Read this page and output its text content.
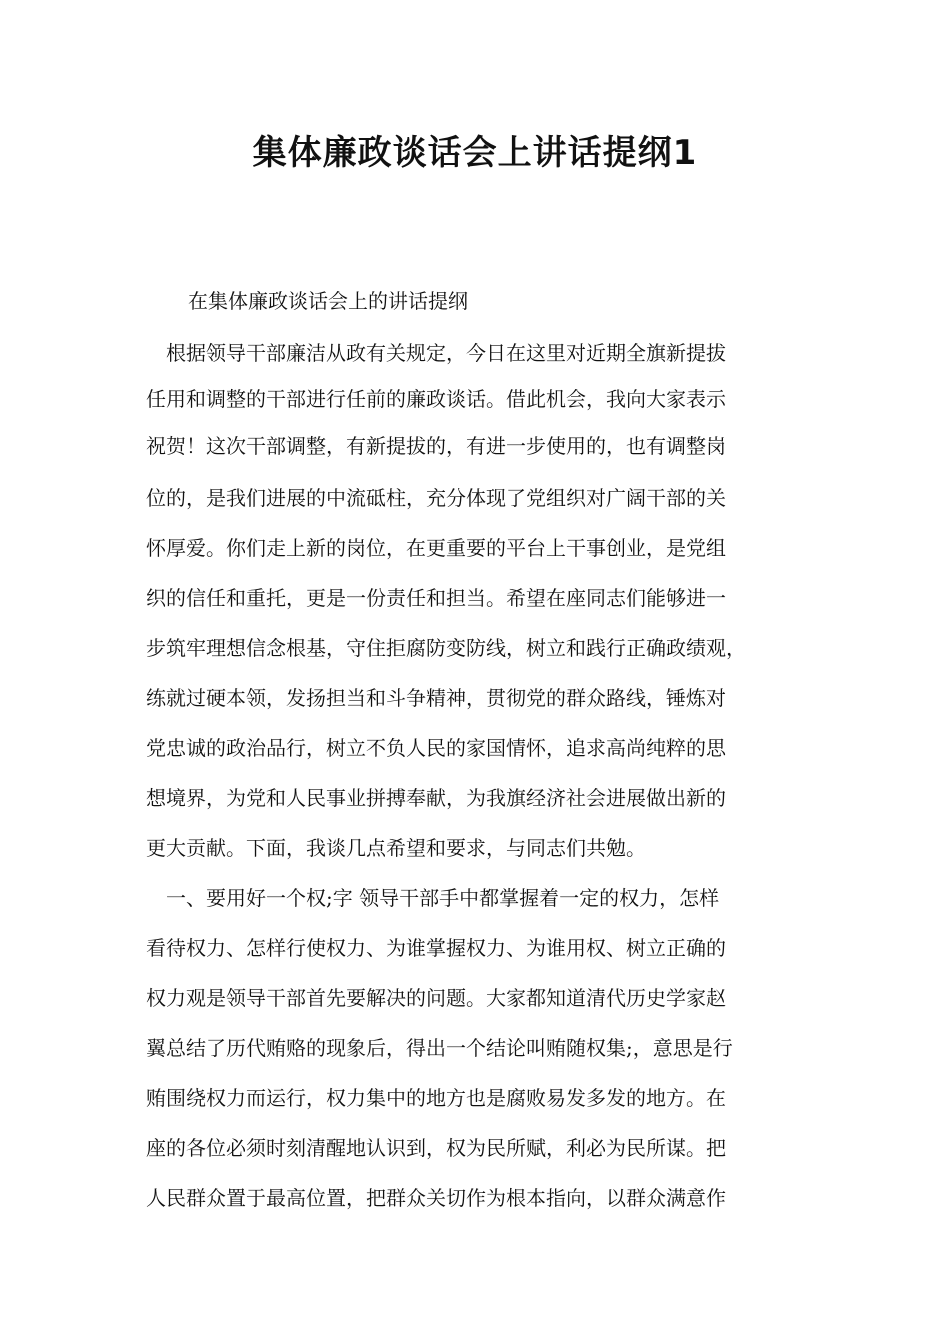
集体廉政谈话会上讲话提纲1

在集体廉政谈话会上的讲话提纲

根据领导干部廉洁从政有关规定，今日在这里对近期全旗新提拔

任用和调整的干部进行任前的廉政谈话。借此机会，我向大家表示

祝贺！这次干部调整，有新提拔的，有进一步使用的，也有调整岗

位的，是我们进展的中流砥柱，充分体现了党组织对广阔干部的关

怀厚爱。你们走上新的岗位，在更重要的平台上干事创业，是党组

织的信任和重托，更是一份责任和担当。希望在座同志们能够进一

步筑牢理想信念根基，守住拒腐防变防线，树立和践行正确政绩观，

练就过硬本领，发扬担当和斗争精神，贯彻党的群众路线，锤炼对

党忠诚的政治品行，树立不负人民的家国情怀，追求高尚纯粹的思

想境界，为党和人民事业拼搏奉献，为我旗经济社会进展做出新的

更大贡献。下面，我谈几点希望和要求，与同志们共勉。

一、要用好一个权;字 领导干部手中都掌握着一定的权力，怎样

看待权力、怎样行使权力、为谁掌握权力、为谁用权、树立正确的

权力观是领导干部首先要解决的问题。大家都知道清代历史学家赵

翼总结了历代贿赂的现象后，得出一个结论叫贿随权集;，意思是行

贿围绕权力而运行，权力集中的地方也是腐败易发多发的地方。在

座的各位必须时刻清醒地认识到，权为民所赋，利必为民所谋。把

人民群众置于最高位置，把群众关切作为根本指向，以群众满意作
